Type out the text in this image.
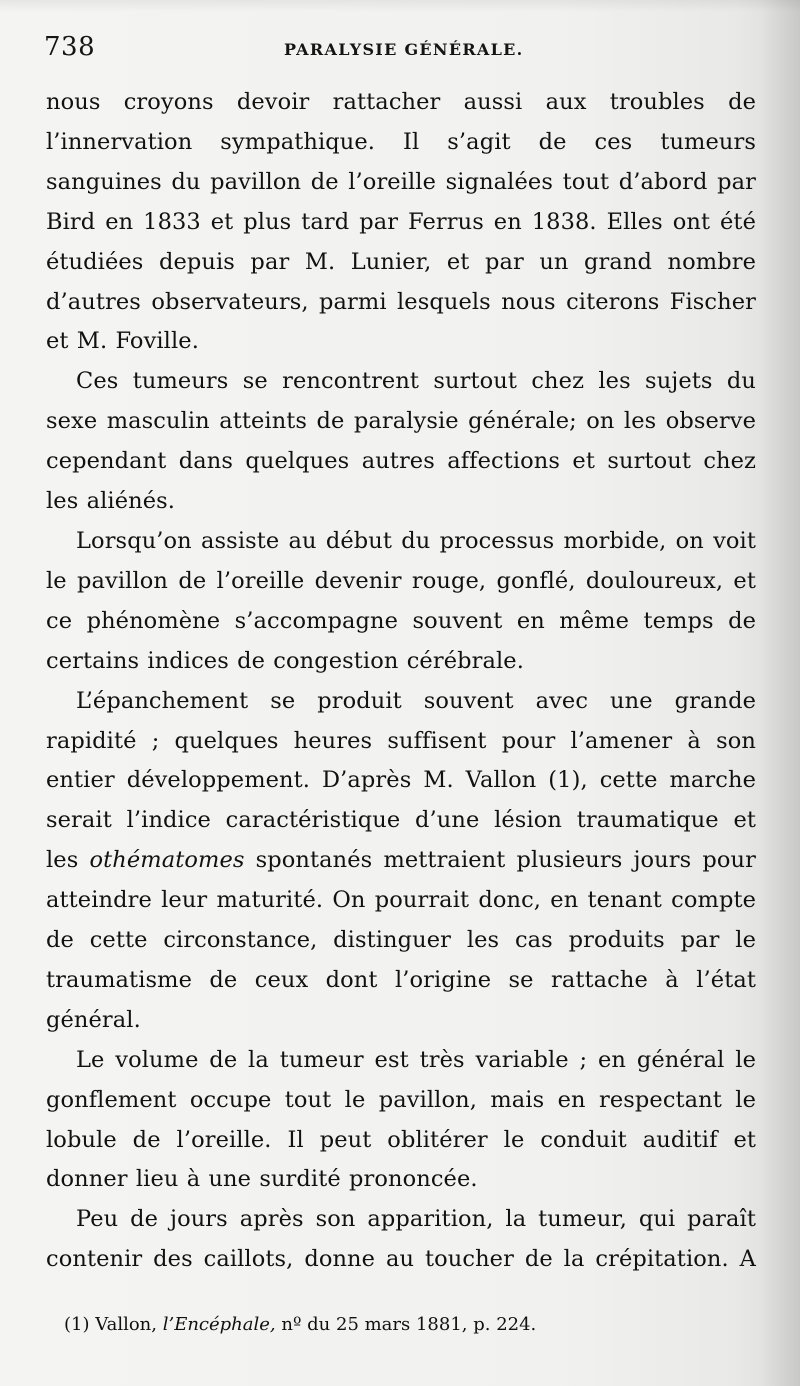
738	PARALYSIE GÉNÉRALE.

nous croyons devoir rattacher aussi aux troubles de l’innervation sympathique. Il s’agit de ces tumeurs sanguines du pavillon de l’oreille signalées tout d’abord par Bird en 1833 et plus tard par Ferrus en 1838. Elles ont été étudiées depuis par M. Lunier, et par un grand nombre d’autres observateurs, parmi lesquels nous citerons Fischer et M. Foville.

Ces tumeurs se rencontrent surtout chez les sujets du sexe masculin atteints de paralysie générale; on les observe cependant dans quelques autres affections et surtout chez les aliénés.

Lorsqu’on assiste au début du processus morbide, on voit le pavillon de l’oreille devenir rouge, gonflé, douloureux, et ce phénomène s’accompagne souvent en même temps de certains indices de congestion cérébrale.

L’épanchement se produit souvent avec une grande rapidité ; quelques heures suffisent pour l’amener à son entier développement. D’après M. Vallon (1), cette marche serait l’indice caractéristique d’une lésion traumatique et les othématomes spontanés mettraient plusieurs jours pour atteindre leur maturité. On pourrait donc, en tenant compte de cette circonstance, distinguer les cas produits par le traumatisme de ceux dont l’origine se rattache à l’état général.

Le volume de la tumeur est très variable ; en général le gonflement occupe tout le pavillon, mais en respectant le lobule de l’oreille. Il peut oblitérer le conduit auditif et donner lieu à une surdité prononcée.

Peu de jours après son apparition, la tumeur, qui paraît contenir des caillots, donne au toucher de la crépitation. A

(1) Vallon, l’Encéphale, nº du 25 mars 1881, p. 224.
